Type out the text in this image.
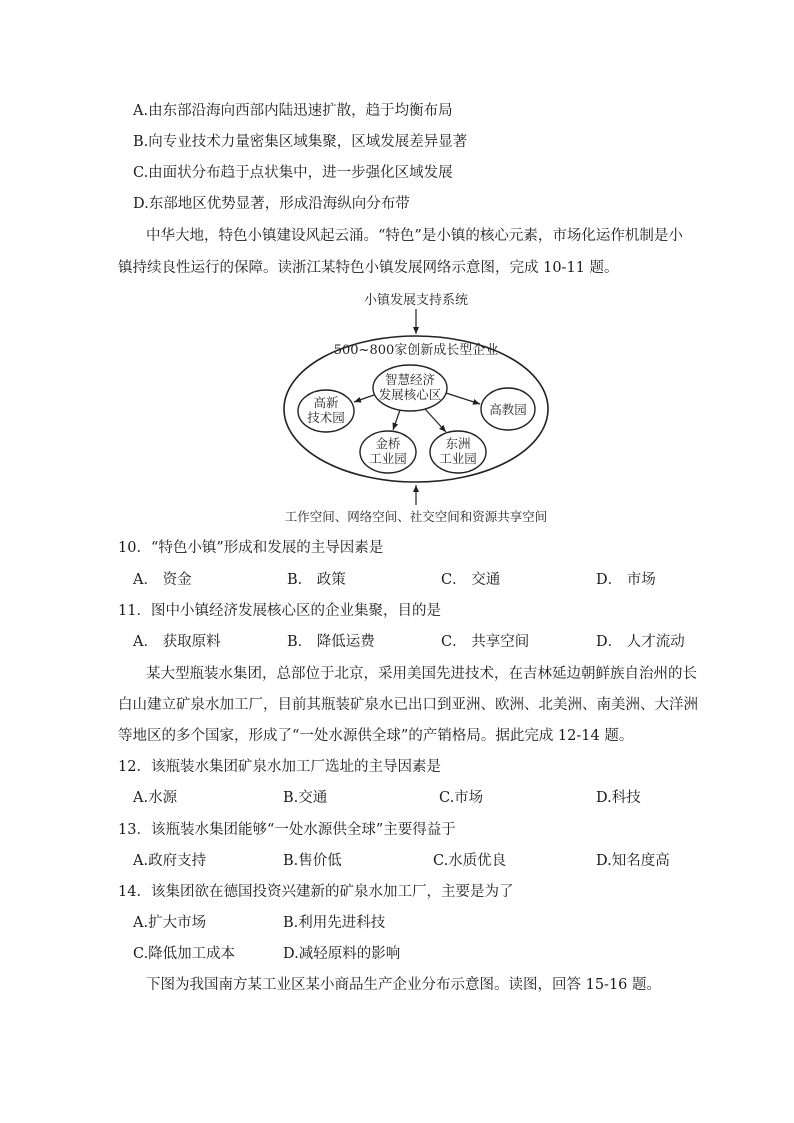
A.由东部沿海向西部内陆迅速扩散，趋于均衡布局
B.向专业技术力量密集区域集聚，区域发展差异显著
C.由面状分布趋于点状集中，进一步强化区域发展
D.东部地区优势显著，形成沿海纵向分布带
中华大地，特色小镇建设风起云涌。“特色”是小镇的核心元素，市场化运作机制是小
镇持续良性运行的保障。读浙江某特色小镇发展网络示意图，完成 10-11 题。
小镇发展支持系统
500~800家创新成长型企业
智慧经济
发展核心区
高新
技术园
高教园
金桥
工业园
东洲
工业园
工作空间、网络空间、社交空间和资源共享空间
10．“特色小镇”形成和发展的主导因素是
A． 资金	B． 政策	C． 交通	D． 市场
11．图中小镇经济发展核心区的企业集聚，目的是
A． 获取原料	B． 降低运费	C． 共享空间	D． 人才流动
某大型瓶装水集团，总部位于北京，采用美国先进技术，在吉林延边朝鲜族自治州的长
白山建立矿泉水加工厂，目前其瓶装矿泉水已出口到亚洲、欧洲、北美洲、南美洲、大洋洲
等地区的多个国家，形成了“一处水源供全球”的产销格局。据此完成 12-14 题。
12．该瓶装水集团矿泉水加工厂选址的主导因素是
A.水源	B.交通	C.市场	D.科技
13．该瓶装水集团能够“一处水源供全球”主要得益于
A.政府支持	B.售价低	C.水质优良	D.知名度高
14．该集团欲在德国投资兴建新的矿泉水加工厂，主要是为了
A.扩大市场	B.利用先进科技
C.降低加工成本	D.减轻原料的影响
下图为我国南方某工业区某小商品生产企业分布示意图。读图，回答 15-16 题。
